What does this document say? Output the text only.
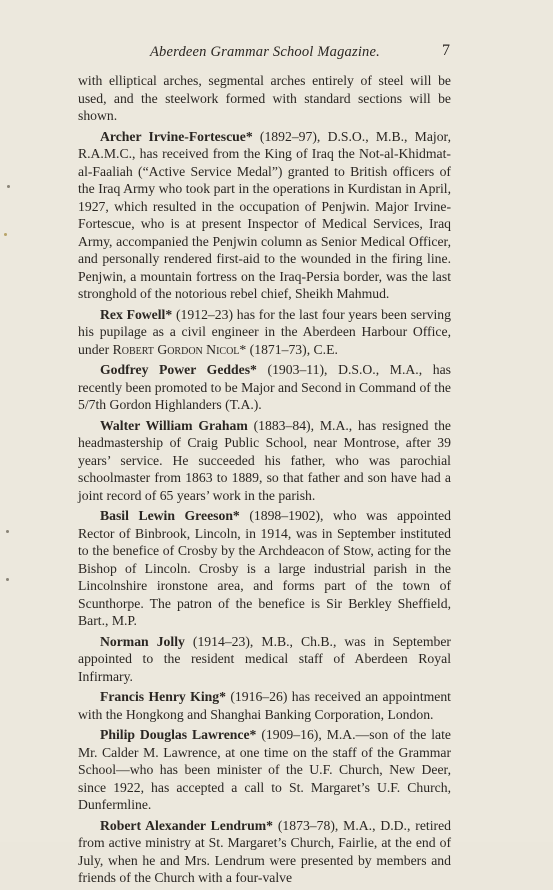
Aberdeen Grammar School Magazine.	7

with elliptical arches, segmental arches entirely of steel will be used, and the steelwork formed with standard sections will be shown.

Archer Irvine-Fortescue* (1892–97), D.S.O., M.B., Major, R.A.M.C., has received from the King of Iraq the Not-al-Khidmat-al-Faaliah (“Active Service Medal”) granted to British officers of the Iraq Army who took part in the operations in Kurdistan in April, 1927, which resulted in the occupation of Penjwin. Major Irvine-Fortescue, who is at present Inspector of Medical Services, Iraq Army, accompanied the Penjwin column as Senior Medical Officer, and personally rendered first-aid to the wounded in the firing line. Penjwin, a mountain fortress on the Iraq-Persia border, was the last stronghold of the notorious rebel chief, Sheikh Mahmud.

Rex Fowell* (1912–23) has for the last four years been serving his pupilage as a civil engineer in the Aberdeen Harbour Office, under Robert Gordon Nicol* (1871–73), C.E.

Godfrey Power Geddes* (1903–11), D.S.O., M.A., has recently been promoted to be Major and Second in Command of the 5/7th Gordon Highlanders (T.A.).

Walter William Graham (1883–84), M.A., has resigned the headmastership of Craig Public School, near Montrose, after 39 years’ service. He succeeded his father, who was parochial schoolmaster from 1863 to 1889, so that father and son have had a joint record of 65 years’ work in the parish.

Basil Lewin Greeson* (1898–1902), who was appointed Rector of Binbrook, Lincoln, in 1914, was in September instituted to the benefice of Crosby by the Archdeacon of Stow, acting for the Bishop of Lincoln. Crosby is a large industrial parish in the Lincolnshire ironstone area, and forms part of the town of Scunthorpe. The patron of the benefice is Sir Berkley Sheffield, Bart., M.P.

Norman Jolly (1914–23), M.B., Ch.B., was in September appointed to the resident medical staff of Aberdeen Royal Infirmary.

Francis Henry King* (1916–26) has received an appointment with the Hongkong and Shanghai Banking Corporation, London.

Philip Douglas Lawrence* (1909–16), M.A.—son of the late Mr. Calder M. Lawrence, at one time on the staff of the Grammar School—who has been minister of the U.F. Church, New Deer, since 1922, has accepted a call to St. Margaret’s U.F. Church, Dunfermline.

Robert Alexander Lendrum* (1873–78), M.A., D.D., retired from active ministry at St. Margaret’s Church, Fairlie, at the end of July, when he and Mrs. Lendrum were presented by members and friends of the Church with a four-valve
